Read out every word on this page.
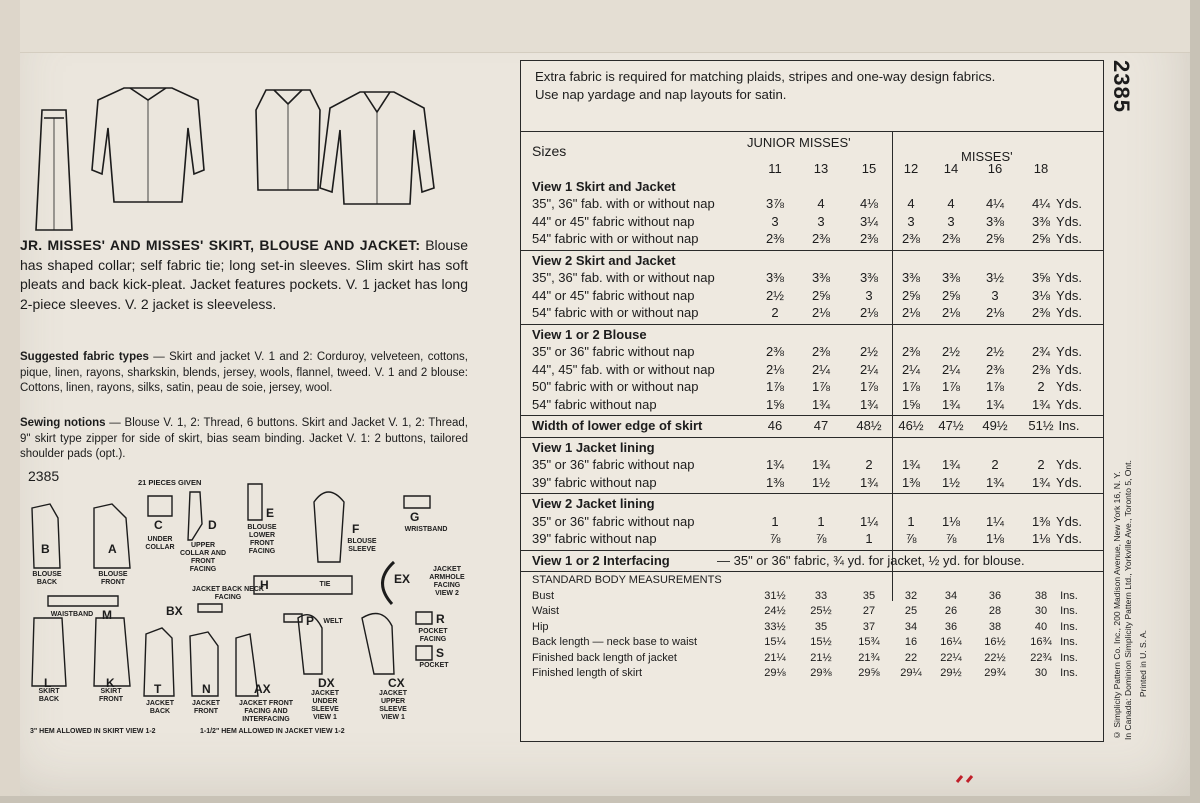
JR. MISSES' AND MISSES' SKIRT, BLOUSE AND JACKET: Blouse has shaped collar; self fabric tie; long set-in sleeves. Slim skirt has soft pleats and back kick-pleat. Jacket features pockets. V. 1 jacket has long 2-piece sleeves. V. 2 jacket is sleeveless.
Suggested fabric types — Skirt and jacket V. 1 and 2: Corduroy, velveteen, cottons, pique, linen, rayons, sharkskin, blends, jersey, wools, flannel, tweed. V. 1 and 2 blouse: Cottons, linen, rayons, silks, satin, peau de soie, jersey, wool.
Sewing notions — Blouse V. 1, 2: Thread, 6 buttons. Skirt and Jacket V. 1, 2: Thread, 9" skirt type zipper for side of skirt, bias seam binding. Jacket V. 1: 2 buttons, tailored shoulder pads (opt.).
2385	21 PIECES GIVEN
B
BLOUSE BACK
A
BLOUSE FRONT
C
UNDER COLLAR
D
UPPER COLLAR AND FRONT FACING
E
BLOUSE LOWER FRONT FACING
F
BLOUSE SLEEVE
G
WRISTBAND
H	TIE	EX
JACKET ARMHOLE FACING VIEW 2
M
WAISTBAND	BX
JACKET BACK NECK FACING
P	WELT	R
POCKET FACING
S
POCKET
L
SKIRT BACK
K
SKIRT FRONT
T
JACKET BACK
N
JACKET FRONT
AX
JACKET FRONT FACING AND INTERFACING
DX
JACKET UNDER SLEEVE VIEW 1
CX
JACKET UPPER SLEEVE VIEW 1
3" HEM ALLOWED IN SKIRT VIEW 1-2	1-1/2" HEM ALLOWED IN JACKET VIEW 1-2
Extra fabric is required for matching plaids, stripes and one-way design fabrics.
Use nap yardage and nap layouts for satin.
Sizes
JUNIOR MISSES'
MISSES'
11	13	15	12	14	16	18
View 1 Skirt and Jacket
35", 36" fab. with or without nap	3⅞	4	4⅛	4	4	4¼	4¼ Yds.
44" or 45" fabric without nap	3	3	3¼	3	3	3⅜	3⅜ Yds.
54" fabric with or without nap	2⅜	2⅜	2⅜	2⅜	2⅜	2⅝	2⅝ Yds.
View 2 Skirt and Jacket
35", 36" fab. with or without nap	3⅜	3⅜	3⅜	3⅜	3⅜	3½	3⅝ Yds.
44" or 45" fabric without nap	2½	2⅝	3	2⅝	2⅝	3	3⅛ Yds.
54" fabric with or without nap	2	2⅛	2⅛	2⅛	2⅛	2⅛	2⅜ Yds.
View 1 or 2 Blouse
35" or 36" fabric without nap	2⅜	2⅜	2½	2⅜	2½	2½	2¾ Yds.
44", 45" fab. with or without nap	2⅛	2¼	2¼	2¼	2¼	2⅜	2⅜ Yds.
50" fabric with or without nap	1⅞	1⅞	1⅞	1⅞	1⅞	1⅞	2 Yds.
54" fabric without nap	1⅝	1¾	1¾	1⅝	1¾	1¾	1¾ Yds.
Width of lower edge of skirt	46	47	48½	46½	47½	49½	51½ Ins.
View 1 Jacket lining
35" or 36" fabric without nap	1¾	1¾	2	1¾	1¾	2	2 Yds.
39" fabric without nap	1⅜	1½	1¾	1⅜	1½	1¾	1¾ Yds.
View 2 Jacket lining
35" or 36" fabric without nap	1	1	1¼	1	1⅛	1¼	1⅜ Yds.
39" fabric without nap	⅞	⅞	1	⅞	⅞	1⅛	1⅛ Yds.
View 1 or 2 Interfacing	— 35" or 36" fabric, ¾ yd. for jacket, ½ yd. for blouse.
STANDARD BODY MEASUREMENTS
Bust	31½	33	35	32	34	36	38	Ins.
Waist	24½	25½	27	25	26	28	30	Ins.
Hip	33½	35	37	34	36	38	40	Ins.
Back length — neck base to waist	15¼	15½	15¾	16	16¼	16½	16¾ Ins.
Finished back length of jacket	21¼	21½	21¾	22	22¼	22½	22¾ Ins.
Finished length of skirt	29⅛	29⅜	29⅝	29¼	29½	29¾	30	Ins.
2385
© Simplicity Pattern Co. Inc., 200 Madison Avenue, New York 16, N. Y. In Canada: Dominion Simplicity Pattern Ltd., Yorkville Ave., Toronto 5, Ont. Printed in U. S. A.
